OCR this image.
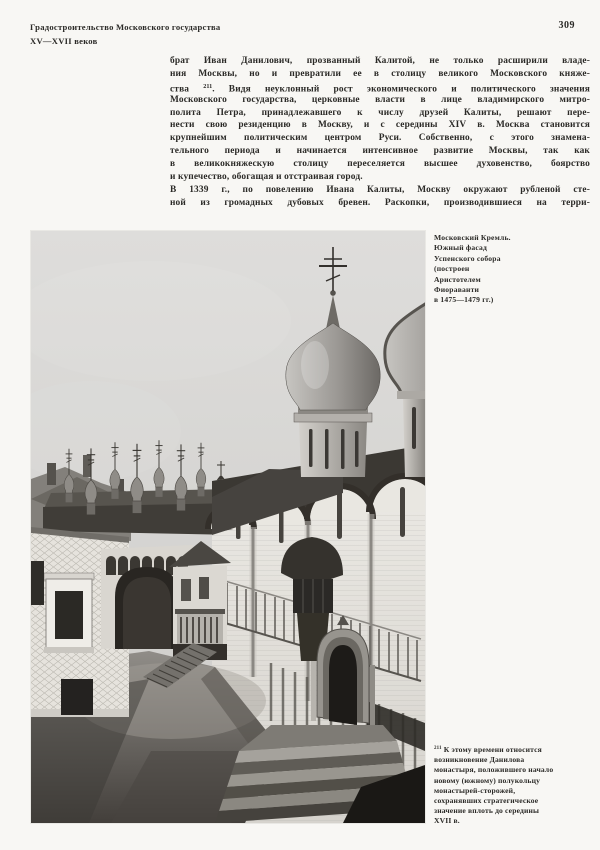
Градостроительство Московского государства
XV—XVII веков
309
брат Иван Данилович, прозванный Калитой, не только расширили владе-
ния Москвы, но и превратили ее в столицу великого Московского княже-
ства $^{211}$. Видя неуклонный рост экономического и политического значения
Московского государства, церковные власти в лице владимирского митро-
полита Петра, принадлежавшего к числу друзей Калиты, решают пере-
нести свою резиденцию в Москву, и с середины XIV в. Москва становится
крупнейшим политическим центром Руси. Собственно, с этого знамена-
тельного периода и начинается интенсивное развитие Москвы, так как
в великокняжескую столицу переселяется высшее духовенство, боярство
и купечество, обогащая и отстраивая город.
В 1339 г., по повелению Ивана Калиты, Москву окружают рубленой сте-
ной из громадных дубовых бревен. Раскопки, производившиеся на терри-
Московский Кремль.
Южный фасад
Успенского собора
(построен
Аристотелем
Фиораванти
в 1475—1479 гг.)
$^{211}$ К этому времени относится
возникновение Данилова
монастыря, положившего начало
новому (южному) полукольцу
монастырей-сторожей,
сохранявших стратегическое
значение вплоть до середины
XVII в.
